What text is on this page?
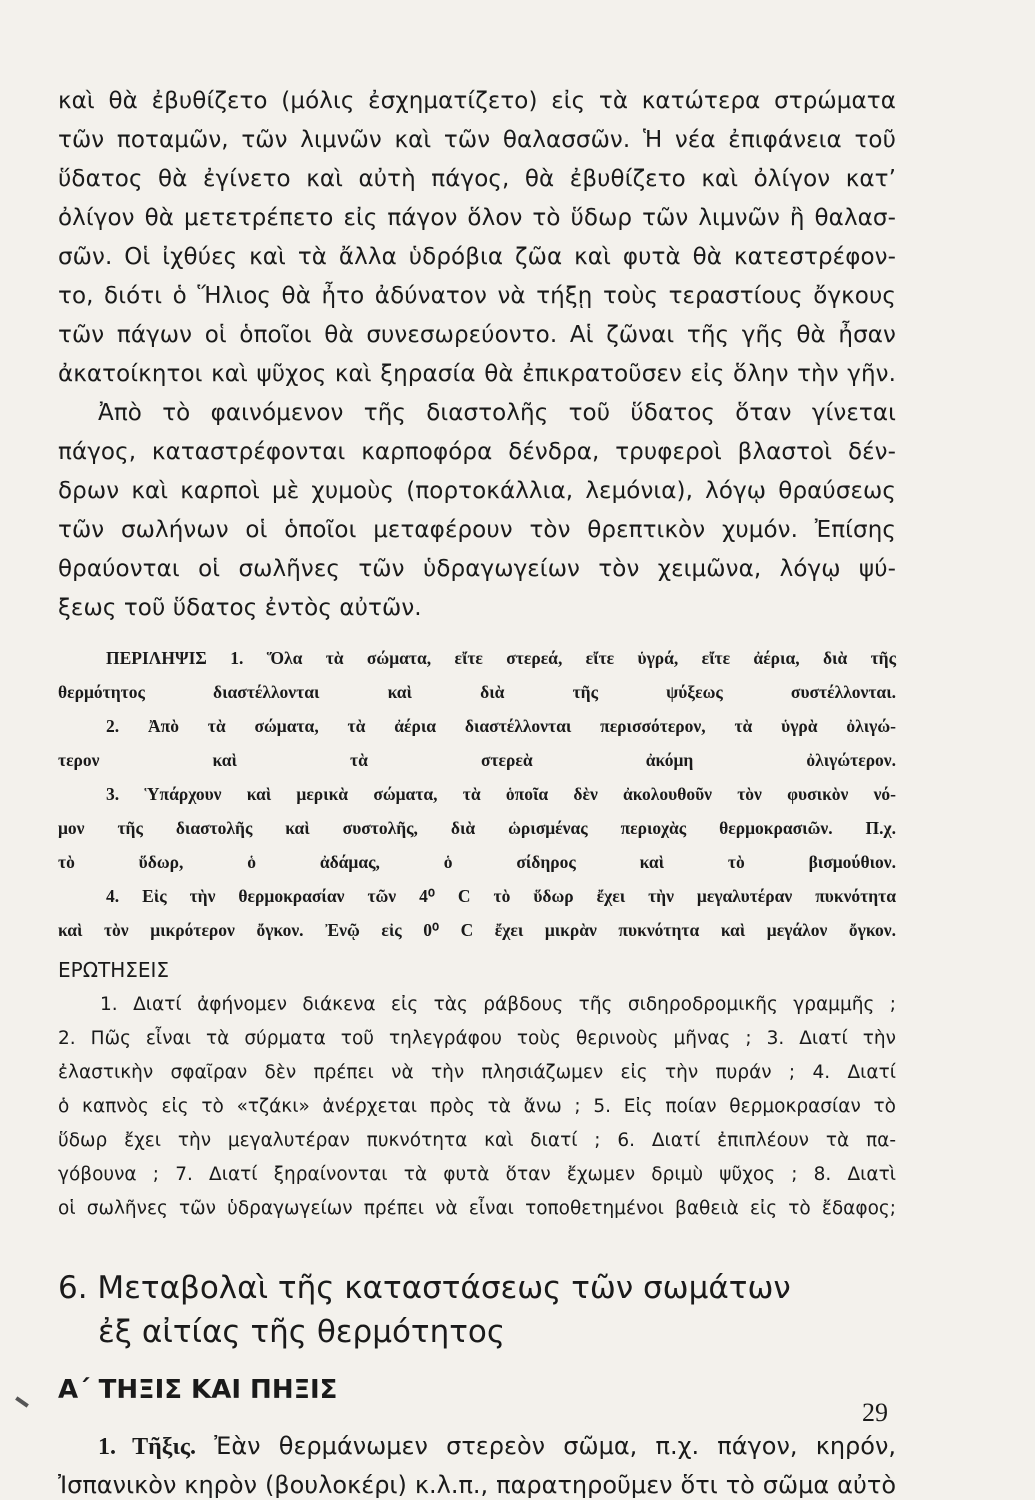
καὶ θὰ ἐβυθίζετο (μόλις ἐσχηματίζετο) εἰς τὰ κατώτερα στρώματα
τῶν ποταμῶν, τῶν λιμνῶν καὶ τῶν θαλασσῶν. Ἡ νέα ἐπιφάνεια τοῦ
ὕδατος θὰ ἐγίνετο καὶ αὐτὴ πάγος, θὰ ἐβυθίζετο καὶ ὀλίγον κατ’
ὀλίγον θὰ μετετρέπετο εἰς πάγον ὅλον τὸ ὕδωρ τῶν λιμνῶν ἢ θαλασ-
σῶν. Οἱ ἰχθύες καὶ τὰ ἄλλα ὑδρόβια ζῶα καὶ φυτὰ θὰ κατεστρέφον-
το, διότι ὁ Ἥλιος θὰ ἦτο ἀδύνατον νὰ τήξῃ τοὺς τεραστίους ὄγκους
τῶν πάγων οἱ ὁποῖοι θὰ συνεσωρεύοντο. Αἱ ζῶναι τῆς γῆς θὰ ἦσαν
ἀκατοίκητοι καὶ ψῦχος καὶ ξηρασία θὰ ἐπικρατοῦσεν εἰς ὅλην τὴν γῆν.
Ἀπὸ τὸ φαινόμενον τῆς διαστολῆς τοῦ ὕδατος ὅταν γίνεται
πάγος, καταστρέφονται καρποφόρα δένδρα, τρυφεροὶ βλαστοὶ δέν-
δρων καὶ καρποὶ μὲ χυμοὺς (πορτοκάλλια, λεμόνια), λόγῳ θραύσεως
τῶν σωλήνων οἱ ὁποῖοι μεταφέρουν τὸν θρεπτικὸν χυμόν. Ἐπίσης
θραύονται οἱ σωλῆνες τῶν ὑδραγωγείων τὸν χειμῶνα, λόγῳ ψύ-
ξεως τοῦ ὕδατος ἐντὸς αὐτῶν.
ΠΕΡΙΛΗΨΙΣ 1. Ὅλα τὰ σώματα, εἴτε στερεά, εἴτε ὑγρά, εἴτε ἀέρια, διὰ τῆς
θερμότητος διαστέλλονται καὶ διὰ τῆς ψύξεως συστέλλονται.
2. Ἀπὸ τὰ σώματα, τὰ ἀέρια διαστέλλονται περισσότερον, τὰ ὑγρὰ ὀλιγώ-
τερον καὶ τὰ στερεὰ ἀκόμη ὀλιγώτερον.
3. Ὑπάρχουν καὶ μερικὰ σώματα, τὰ ὁποῖα δὲν ἀκολουθοῦν τὸν φυσικὸν νό-
μον τῆς διαστολῆς καὶ συστολῆς, διὰ ὡρισμένας περιοχὰς θερμοκρασιῶν. Π.χ.
τὸ ὕδωρ, ὁ ἀδάμας, ὁ σίδηρος καὶ τὸ βισμούθιον.
4. Εἰς τὴν θερμοκρασίαν τῶν 4⁰ C τὸ ὕδωρ ἔχει τὴν μεγαλυτέραν πυκνότητα
καὶ τὸν μικρότερον ὄγκον. Ἐνῷ εἰς 0⁰ C ἔχει μικρὰν πυκνότητα καὶ μεγάλον ὄγκον.
ΕΡΩΤΗΣΕΙΣ
1. Διατί ἀφήνομεν διάκενα εἰς τὰς ράβδους τῆς σιδηροδρομικῆς γραμμῆς ;
2. Πῶς εἶναι τὰ σύρματα τοῦ τηλεγράφου τοὺς θερινοὺς μῆνας ; 3. Διατί τὴν
ἐλαστικὴν σφαῖραν δὲν πρέπει νὰ τὴν πλησιάζωμεν εἰς τὴν πυράν ; 4. Διατί
ὁ καπνὸς εἰς τὸ «τζάκι» ἀνέρχεται πρὸς τὰ ἄνω ; 5. Εἰς ποίαν θερμοκρασίαν τὸ
ὕδωρ ἔχει τὴν μεγαλυτέραν πυκνότητα καὶ διατί ; 6. Διατί ἐπιπλέουν τὰ πα-
γόβουνα ; 7. Διατί ξηραίνονται τὰ φυτὰ ὅταν ἔχωμεν δριμὺ ψῦχος ; 8. Διατὶ
οἱ σωλῆνες τῶν ὑδραγωγείων πρέπει νὰ εἶναι τοποθετημένοι βαθειὰ εἰς τὸ ἔδαφος;
6. Μεταβολαὶ τῆς καταστάσεως τῶν σωμάτων
ἐξ αἰτίας τῆς θερμότητος
Α΄ ΤΗΞΙΣ ΚΑΙ ΠΗΞΙΣ
1. Τῆξις. Ἐὰν θερμάνωμεν στερεὸν σῶμα, π.χ. πάγον, κηρόν,
Ἰσπανικὸν κηρὸν (βουλοκέρι) κ.λ.π., παρατηροῦμεν ὅτι τὸ σῶμα αὐτὸ
29
